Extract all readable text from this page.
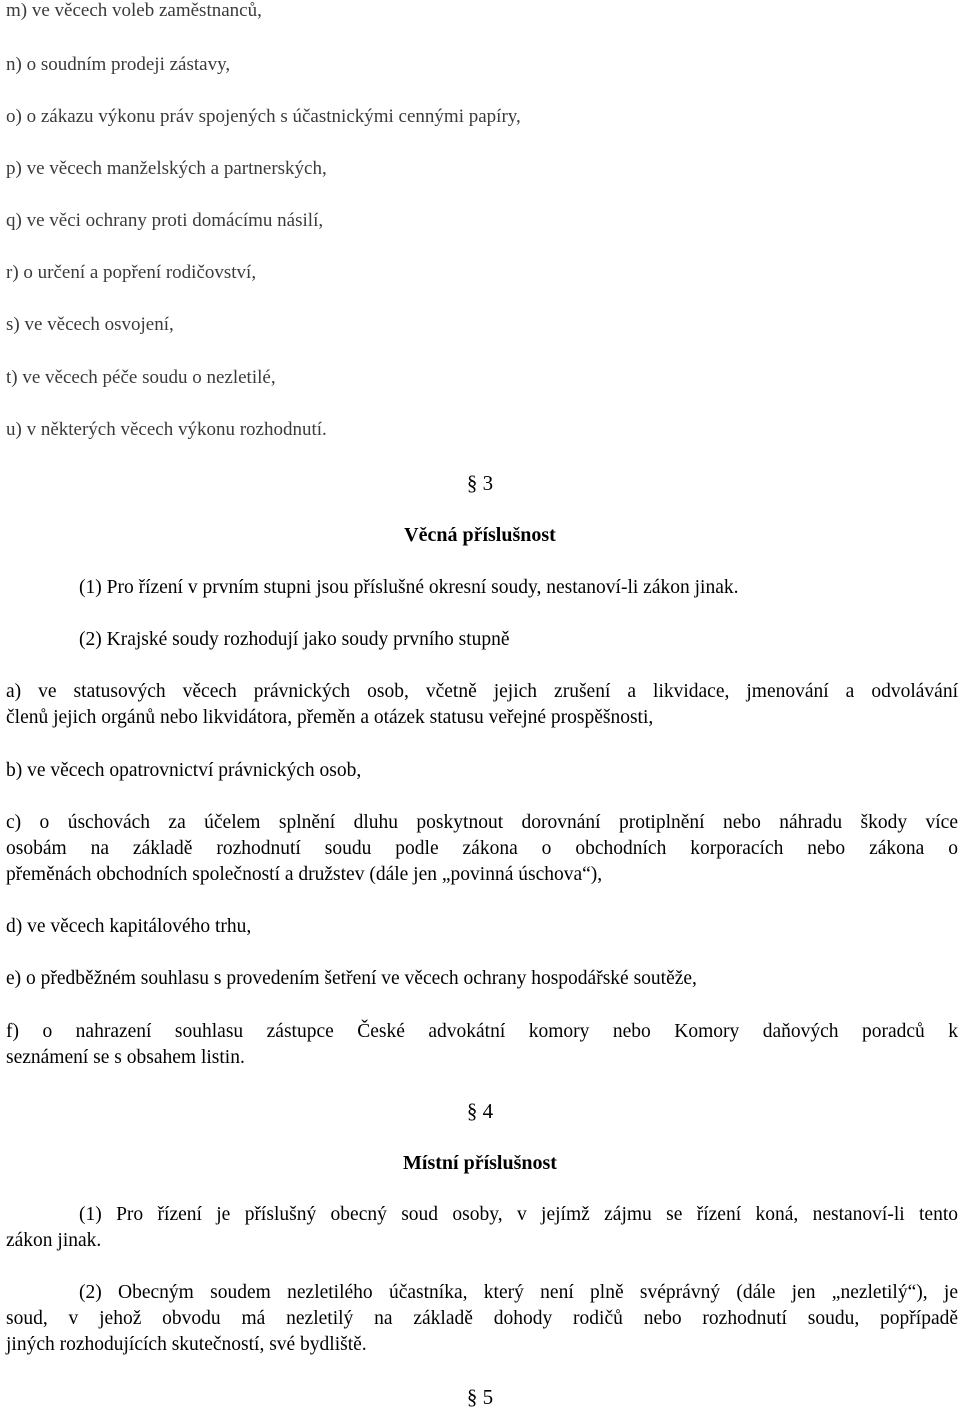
m) ve věcech voleb zaměstnanců,
n) o soudním prodeji zástavy,
o) o zákazu výkonu práv spojených s účastnickými cennými papíry,
p) ve věcech manželských a partnerských,
q) ve věci ochrany proti domácímu násilí,
r) o určení a popření rodičovství,
s) ve věcech osvojení,
t) ve věcech péče soudu o nezletilé,
u) v některých věcech výkonu rozhodnutí.
§ 3
Věcná příslušnost
(1) Pro řízení v prvním stupni jsou příslušné okresní soudy, nestanoví-li zákon jinak.
(2) Krajské soudy rozhodují jako soudy prvního stupně
a) ve statusových věcech právnických osob, včetně jejich zrušení a likvidace, jmenování a odvolávání
členů jejich orgánů nebo likvidátora, přeměn a otázek statusu veřejné prospěšnosti,
b) ve věcech opatrovnictví právnických osob,
c) o úschovách za účelem splnění dluhu poskytnout dorovnání protiplnění nebo náhradu škody více
osobám na základě rozhodnutí soudu podle zákona o obchodních korporacích nebo zákona o
přeměnách obchodních společností a družstev (dále jen „povinná úschova“),
d) ve věcech kapitálového trhu,
e) o předběžném souhlasu s provedením šetření ve věcech ochrany hospodářské soutěže,
f) o nahrazení souhlasu zástupce České advokátní komory nebo Komory daňových poradců k
seznámení se s obsahem listin.
§ 4
Místní příslušnost
(1) Pro řízení je příslušný obecný soud osoby, v jejímž zájmu se řízení koná, nestanoví-li tento
zákon jinak.
(2) Obecným soudem nezletilého účastníka, který není plně svéprávný (dále jen „nezletilý“), je
soud, v jehož obvodu má nezletilý na základě dohody rodičů nebo rozhodnutí soudu, popřípadě
jiných rozhodujících skutečností, své bydliště.
§ 5
